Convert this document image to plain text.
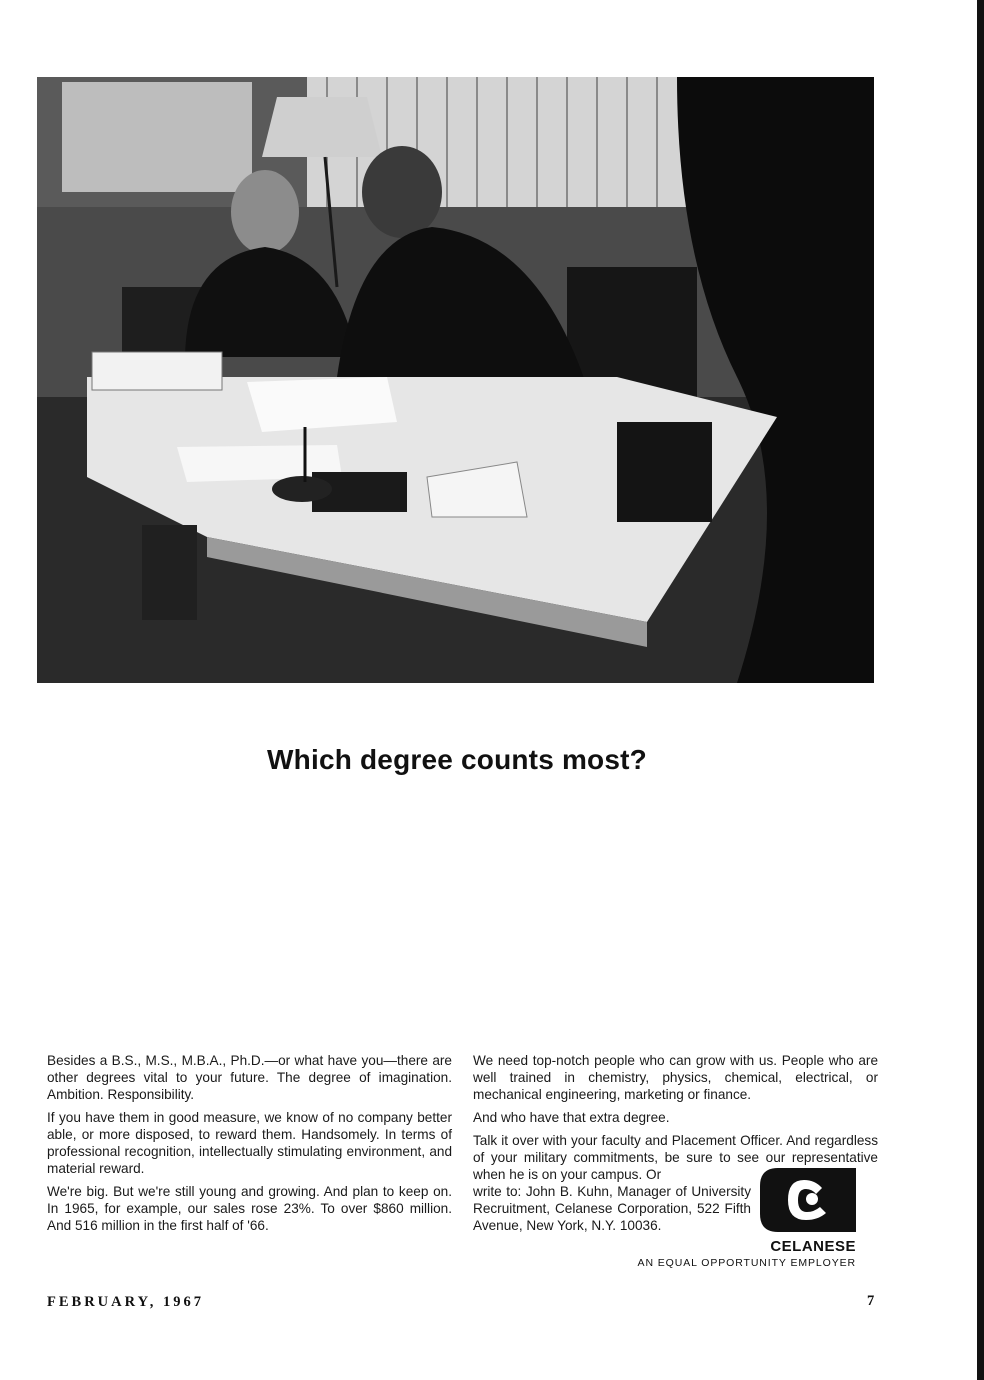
Which degree counts most?

Besides a B.S., M.S., M.B.A., Ph.D.—or what have you—there are other degrees vital to your future. The degree of imagination. Ambition. Responsibility.

If you have them in good measure, we know of no company better able, or more disposed, to reward them. Handsomely. In terms of professional recognition, intellectually stimulating environment, and material reward.

We're big. But we're still young and growing. And plan to keep on. In 1965, for example, our sales rose 23%. To over $860 million. And 516 million in the first half of '66.

We need top-notch people who can grow with us. People who are well trained in chemistry, physics, chemical, electrical, or mechanical engineering, marketing or finance.

And who have that extra degree.

Talk it over with your faculty and Placement Officer. And regardless of your military commitments, be sure to see our representative when he is on your campus. Or

write to: John B. Kuhn, Manager of University Recruitment, Celanese Corporation, 522 Fifth Avenue, New York, N.Y. 10036.

CELANESE
AN EQUAL OPPORTUNITY EMPLOYER
FEBRUARY, 1967	7
